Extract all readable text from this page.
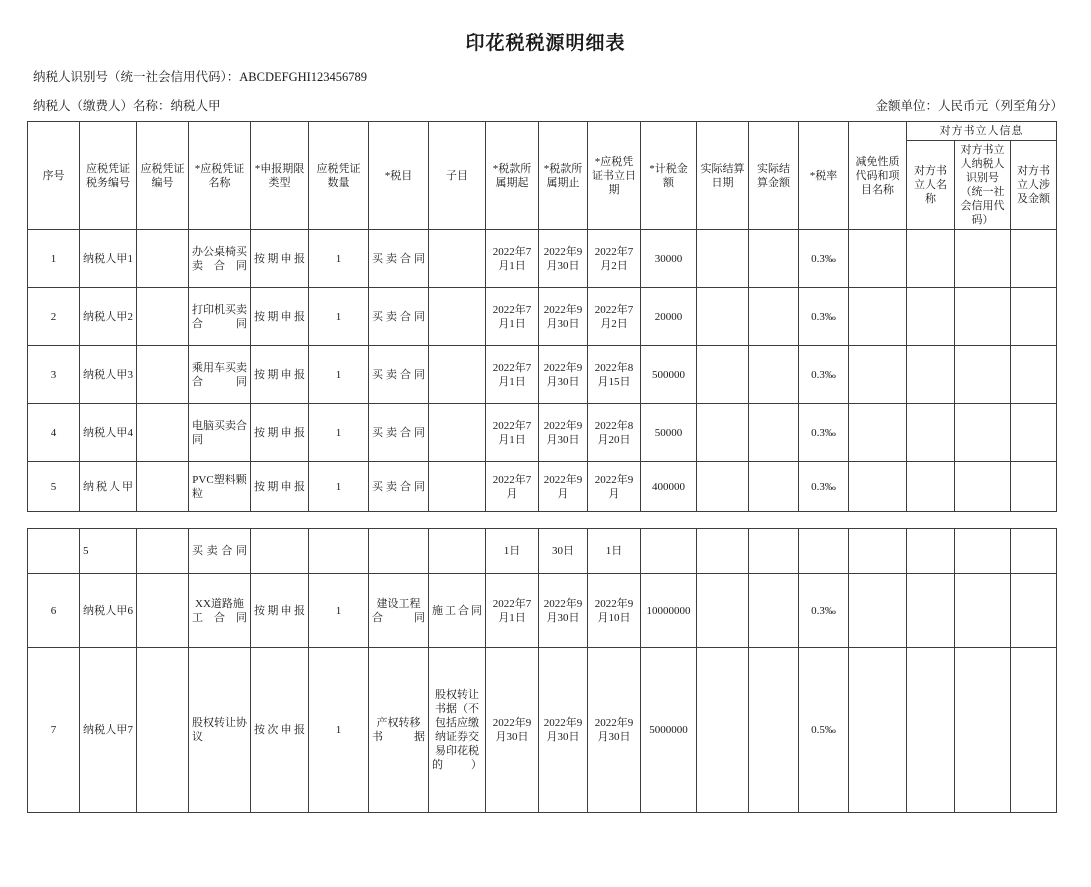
印花税税源明细表
纳税人识别号（统一社会信用代码）：ABCDEFGHI123456789
纳税人（缴费人）名称：纳税人甲	金额单位：人民币元（列至角分）
序号	应税凭证税务编号	应税凭证编号	*应税凭证名称	*申报期限类型	应税凭证数量	*税目	子目	*税款所属期起	*税款所属期止	*应税凭证书立日期	*计税金额	实际结算日期	实际结算金额	*税率	减免性质代码和项目名称	对方书立人信息		
																对方书立人名称	对方书立人纳税人识别号（统一社会信用代码）	对方书立人涉及金额
1	纳税人甲1		办公桌椅买卖合同	按期申报	1	买卖合同		2022年7月1日	2022年9月30日	2022年7月2日	30000			0.3‰				
2	纳税人甲2		打印机买卖合同	按期申报	1	买卖合同		2022年7月1日	2022年9月30日	2022年7月2日	20000			0.3‰				
3	纳税人甲3		乘用车买卖合同	按期申报	1	买卖合同		2022年7月1日	2022年9月30日	2022年8月15日	500000			0.3‰				
4	纳税人甲4		电脑买卖合同	按期申报	1	买卖合同		2022年7月1日	2022年9月30日	2022年8月20日	50000			0.3‰				
5	纳税人甲		PVC塑料颗粒	按期申报	1	买卖合同		2022年7月	2022年9月	2022年9月	400000			0.3‰				
	5		买卖合同					1日	30日	1日								
6	纳税人甲6		XX道路施工合同	按期申报	1	建设工程合同	施工合同	2022年7月1日	2022年9月30日	2022年9月10日	10000000			0.3‰				
7	纳税人甲7		股权转让协议	按次申报	1	产权转移书据	股权转让书据（不包括应缴纳证券交易印花税的）	2022年9月30日	2022年9月30日	2022年9月30日	5000000			0.5‰				
